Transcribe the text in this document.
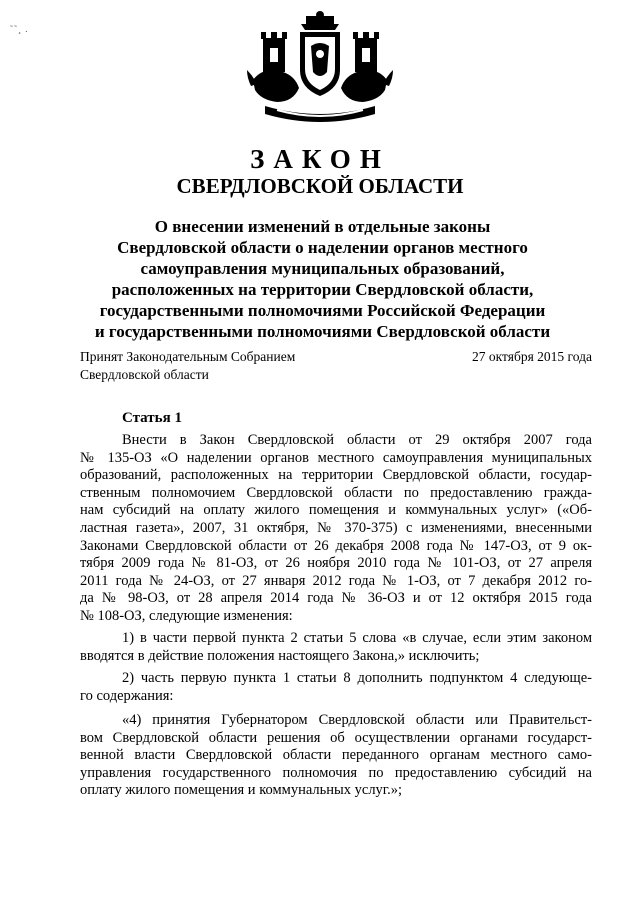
˜˜¸ .
ЗАКОН
СВЕРДЛОВСКОЙ ОБЛАСТИ
О внесении изменений в отдельные законы
Свердловской области о наделении органов местного
самоуправления муниципальных образований,
расположенных на территории Свердловской области,
государственными полномочиями Российской Федерации
и государственными полномочиями Свердловской области
Принят Законодательным Собранием
Свердловской области
27 октября 2015 года
Статья 1
Внести в Закон Свердловской области от 29 октября 2007 года
№ 135-ОЗ «О наделении органов местного самоуправления муниципальных
образований, расположенных на территории Свердловской области, государ-
ственным полномочием Свердловской области по предоставлению гражда-
нам субсидий на оплату жилого помещения и коммунальных услуг» («Об-
ластная газета», 2007, 31 октября, № 370-375) с изменениями, внесенными
Законами Свердловской области от 26 декабря 2008 года № 147-ОЗ, от 9 ок-
тября 2009 года № 81-ОЗ, от 26 ноября 2010 года № 101-ОЗ, от 27 апреля
2011 года № 24-ОЗ, от 27 января 2012 года № 1-ОЗ, от 7 декабря 2012 го-
да № 98-ОЗ, от 28 апреля 2014 года № 36-ОЗ и от 12 октября 2015 года
№ 108-ОЗ, следующие изменения:
1) в части первой пункта 2 статьи 5 слова «в случае, если этим законом
вводятся в действие положения настоящего Закона,» исключить;
2) часть первую пункта 1 статьи 8 дополнить подпунктом 4 следующе-
го содержания:
«4) принятия Губернатором Свердловской области или Правительст-
вом Свердловской области решения об осуществлении органами государст-
венной власти Свердловской области переданного органам местного само-
управления государственного полномочия по предоставлению субсидий на
оплату жилого помещения и коммунальных услуг.»;
